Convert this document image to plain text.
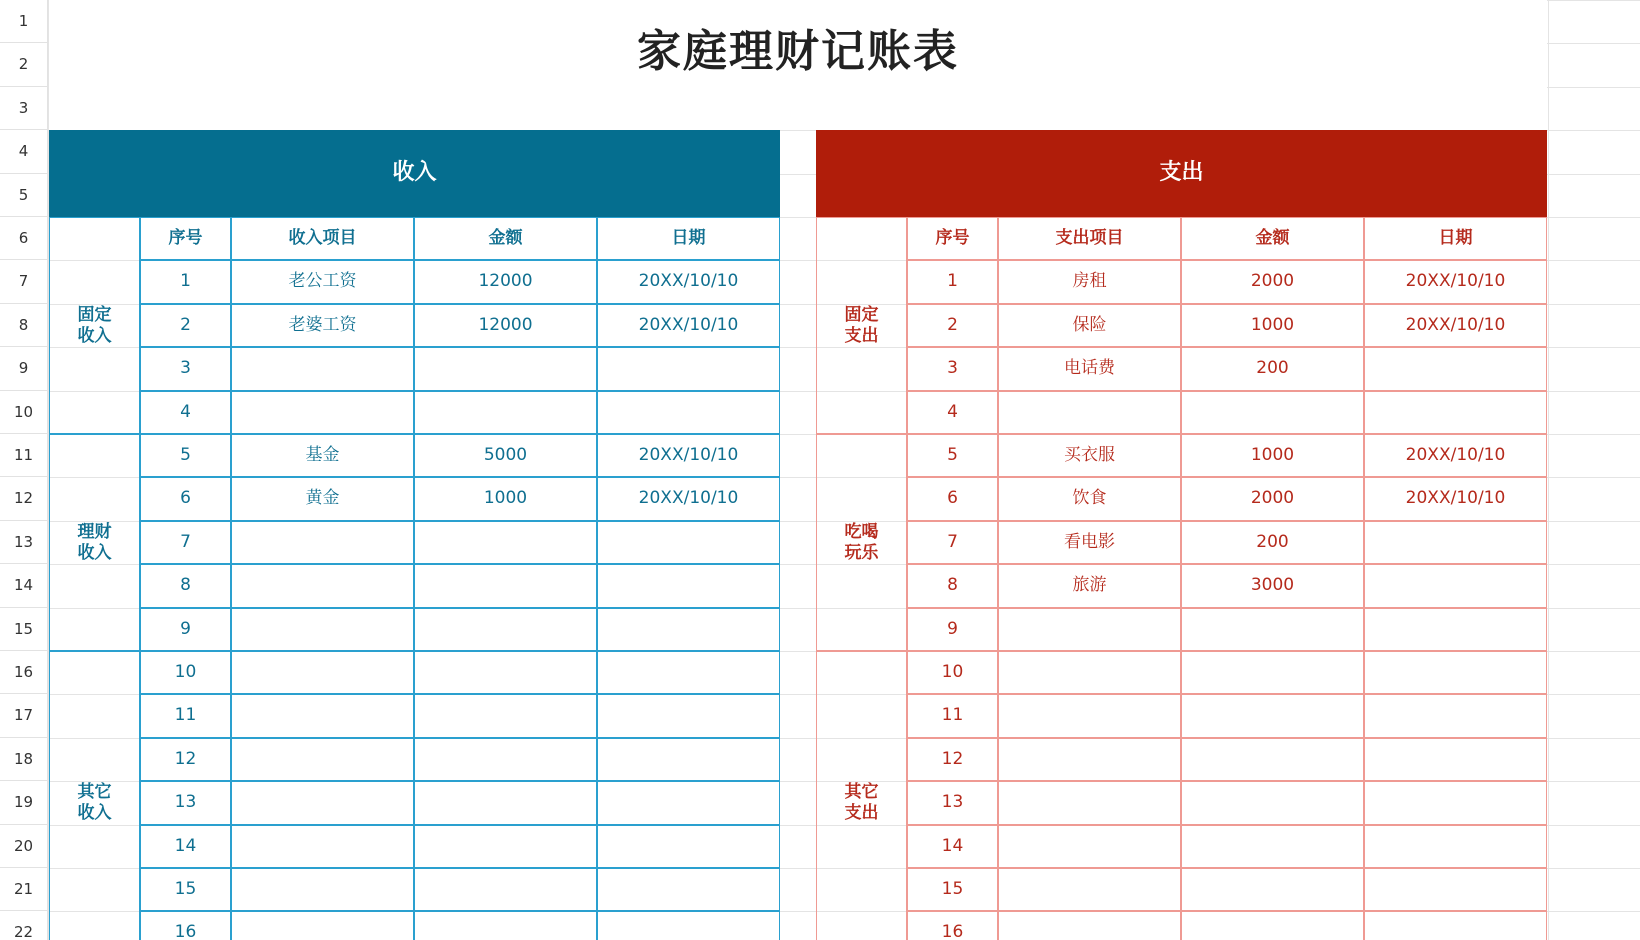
1
2
3
4
5
6
7
8
9
10
11
12
13
14
15
16
17
18
19
20
21
22
家庭理财记账表
收入
序号	收入项目	金额	日期
固定
收入
1	老公工资	12000	20XX/10/10
2	老婆工资	12000	20XX/10/10
3
4
理财
收入
5	基金	5000	20XX/10/10
6	黄金	1000	20XX/10/10
7
8
9
其它
收入
10
11
12
13
14
15
16
支出
序号	支出项目	金额	日期
固定
支出
1	房租	2000	20XX/10/10
2	保险	1000	20XX/10/10
3	电话费	200
4
吃喝
玩乐
5	买衣服	1000	20XX/10/10
6	饮食	2000	20XX/10/10
7	看电影	200
8	旅游	3000
9
其它
支出
10
11
12
13
14
15
16
